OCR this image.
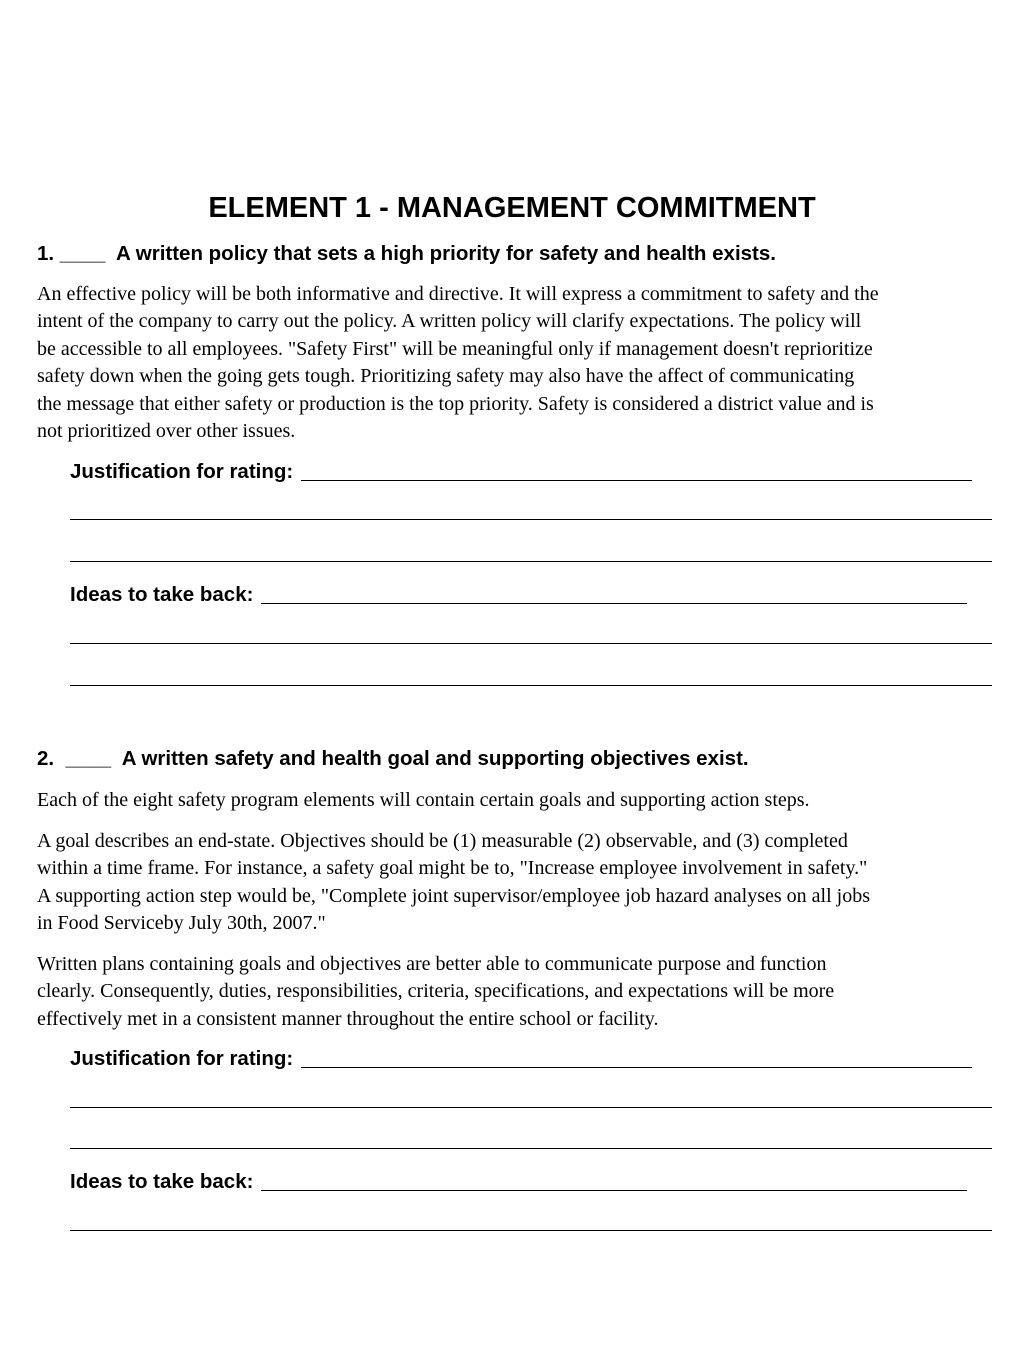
ELEMENT 1 - MANAGEMENT COMMITMENT

1. ____  A written policy that sets a high priority for safety and health exists.

An effective policy will be both informative and directive. It will express a commitment to safety and the
intent of the company to carry out the policy. A written policy will clarify expectations. The policy will
be accessible to all employees. "Safety First" will be meaningful only if management doesn't reprioritize
safety down when the going gets tough. Prioritizing safety may also have the affect of communicating
the message that either safety or production is the top priority. Safety is considered a district value and is
not prioritized over other issues.
Justification for rating:
Ideas to take back:

2.  ____  A written safety and health goal and supporting objectives exist.

Each of the eight safety program elements will contain certain goals and supporting action steps.
A goal describes an end-state. Objectives should be (1) measurable (2) observable, and (3) completed
within a time frame. For instance, a safety goal might be to, "Increase employee involvement in safety."
A supporting action step would be, "Complete joint supervisor/employee job hazard analyses on all jobs
in Food Serviceby July 30th, 2007."
Written plans containing goals and objectives are better able to communicate purpose and function
clearly. Consequently, duties, responsibilities, criteria, specifications, and expectations will be more
effectively met in a consistent manner throughout the entire school or facility.
Justification for rating:
Ideas to take back:
